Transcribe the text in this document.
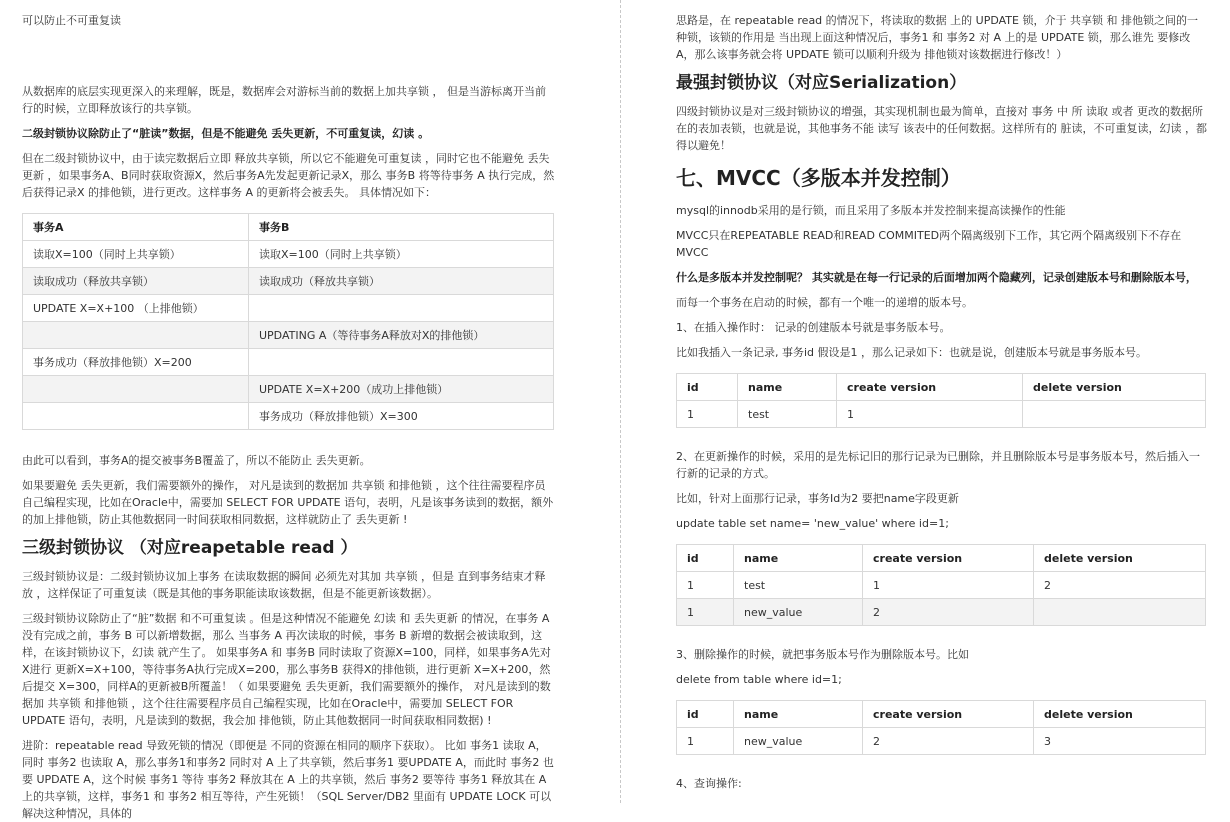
可以防止不可重复读

从数据库的底层实现更深入的来理解，既是，数据库会对游标当前的数据上加共享锁 ， 但是当游标离开当前行的时候，立即释放该行的共享锁。

二级封锁协议除防止了“脏读”数据，但是不能避免 丢失更新，不可重复读，幻读 。

但在二级封锁协议中，由于读完数据后立即 释放共享锁，所以它不能避免可重复读 ，同时它也不能避免 丢失更新 ，如果事务A、B同时获取资源X，然后事务A先发起更新记录X，那么 事务B 将等待事务 A 执行完成，然后获得记录X 的排他锁，进行更改。这样事务 A 的更新将会被丢失。 具体情况如下：

事务A	事务B
读取X=100（同时上共享锁）	读取X=100（同时上共享锁）
读取成功（释放共享锁）	读取成功（释放共享锁）
UPDATE X=X+100 （上排他锁）	
	UPDATING A（等待事务A释放对X的排他锁）
事务成功（释放排他锁）X=200	
	UPDATE X=X+200（成功上排他锁）
	事务成功（释放排他锁）X=300

由此可以看到，事务A的提交被事务B覆盖了，所以不能防止 丢失更新。

如果要避免 丢失更新，我们需要额外的操作， 对凡是读到的数据加 共享锁 和排他锁 ，这个往往需要程序员自己编程实现，比如在Oracle中，需要加 SELECT FOR UPDATE 语句，表明，凡是该事务读到的数据，额外的加上排他锁，防止其他数据同一时间获取相同数据，这样就防止了 丢失更新 !

三级封锁协议 （对应reapetable read ）

三级封锁协议是：二级封锁协议加上事务 在读取数据的瞬间 必须先对其加 共享锁 ，但是 直到事务结束才释放 ，这样保证了可重复读（既是其他的事务职能读取该数据，但是不能更新该数据）。

三级封锁协议除防止了“脏”数据 和不可重复读 。但是这种情况不能避免 幻读 和 丢失更新 的情况，在事务 A 没有完成之前，事务 B 可以新增数据，那么 当事务 A 再次读取的时候，事务 B 新增的数据会被读取到，这样，在该封锁协议下，幻读 就产生了。 如果事务A 和 事务B 同时读取了资源X=100，同样，如果事务A先对X进行 更新X=X+100，等待事务A执行完成X=200，那么事务B 获得X的排他锁，进行更新 X=X+200，然后提交 X=300，同样A的更新被B所覆盖！（ 如果要避免 丢失更新，我们需要额外的操作， 对凡是读到的数据加 共享锁 和排他锁 ，这个往往需要程序员自己编程实现，比如在Oracle中，需要加 SELECT FOR UPDATE 语句，表明，凡是读到的数据，我会加 排他锁，防止其他数据同一时间获取相同数据) !

进阶：repeatable read 导致死锁的情况（即便是 不同的资源在相同的顺序下获取）。 比如 事务1 读取 A，同时 事务2 也读取 A，那么事务1和事务2 同时对 A 上了共享锁，然后事务1 要UPDATE A，而此时 事务2 也要 UPDATE A，这个时候 事务1 等待 事务2 释放其在 A 上的共享锁，然后 事务2 要等待 事务1 释放其在 A 上的共享锁，这样，事务1 和 事务2 相互等待，产生死锁！（SQL Server/DB2 里面有 UPDATE LOCK 可以解决这种情况，具体的

思路是，在 repeatable read 的情况下，将读取的数据 上的 UPDATE 锁，介于 共享锁 和 排他锁之间的一种锁，该锁的作用是 当出现上面这种情况后，事务1 和 事务2 对 A 上的是 UPDATE 锁，那么谁先 要修改 A，那么该事务就会将 UPDATE 锁可以顺利升级为 排他锁对该数据进行修改！）

最强封锁协议（对应Serialization）

四级封锁协议是对三级封锁协议的增强，其实现机制也最为简单，直接对 事务 中 所 读取 或者 更改的数据所在的表加表锁，也就是说，其他事务不能 读写 该表中的任何数据。这样所有的 脏读，不可重复读，幻读 ，都得以避免！

七、MVCC（多版本并发控制）

mysql的innodb采用的是行锁，而且采用了多版本并发控制来提高读操作的性能

MVCC只在REPEATABLE READ和READ COMMITED两个隔离级别下工作，其它两个隔离级别下不存在MVCC

什么是多版本并发控制呢？ 其实就是在每一行记录的后面增加两个隐藏列，记录创建版本号和删除版本号，

而每一个事务在启动的时候，都有一个唯一的递增的版本号。

1、在插入操作时： 记录的创建版本号就是事务版本号。

比如我插入一条记录, 事务id 假设是1 ，那么记录如下：也就是说，创建版本号就是事务版本号。

id	name	create version	delete version
1	test	1	

2、在更新操作的时候，采用的是先标记旧的那行记录为已删除，并且删除版本号是事务版本号，然后插入一行新的记录的方式。

比如，针对上面那行记录，事务Id为2 要把name字段更新

update table set name= 'new_value' where id=1;

id	name	create version	delete version
1	test	1	2
1	new_value	2	

3、删除操作的时候，就把事务版本号作为删除版本号。比如

delete from table where id=1;

id	name	create version	delete version
1	new_value	2	3

4、查询操作:
